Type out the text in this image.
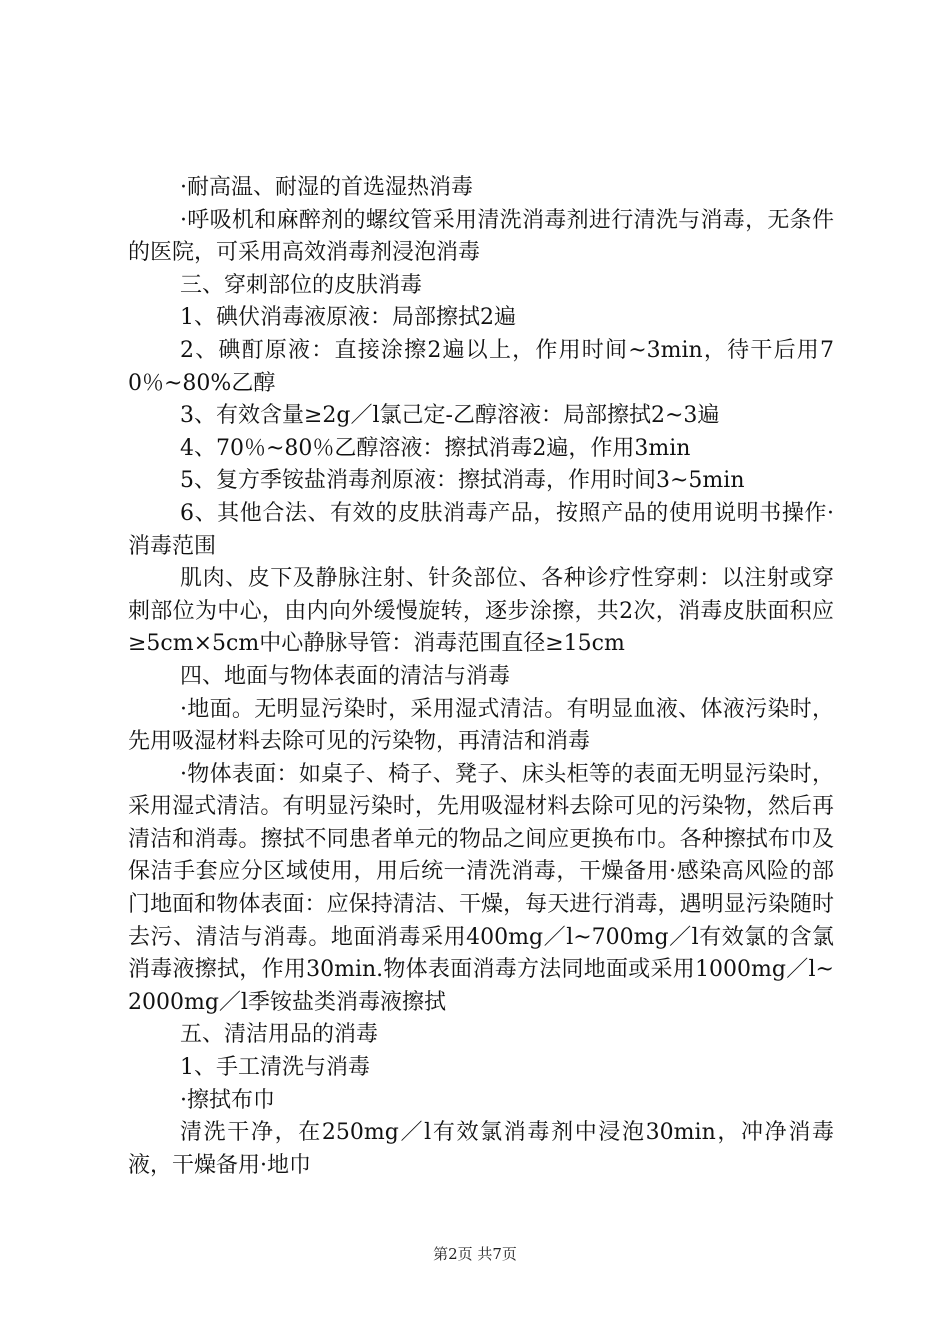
·耐高温、耐湿的首选湿热消毒

·呼吸机和麻醉剂的螺纹管采用清洗消毒剂进行清洗与消毒，无条件的医院，可采用高效消毒剂浸泡消毒

三、穿刺部位的皮肤消毒

1、碘伏消毒液原液：局部擦拭2遍

2、碘酊原液：直接涂擦2遍以上，作用时间~3min，待干后用70％~80%乙醇

3、有效含量≥2g／l氯己定-乙醇溶液：局部擦拭2~3遍

4、70％~80％乙醇溶液：擦拭消毒2遍，作用3min

5、复方季铵盐消毒剂原液：擦拭消毒，作用时间3~5min

6、其他合法、有效的皮肤消毒产品，按照产品的使用说明书操作·消毒范围

肌肉、皮下及静脉注射、针灸部位、各种诊疗性穿刺：以注射或穿刺部位为中心，由内向外缓慢旋转，逐步涂擦，共2次，消毒皮肤面积应≥5cm×5cm中心静脉导管：消毒范围直径≥15cm

四、地面与物体表面的清洁与消毒

·地面。无明显污染时，采用湿式清洁。有明显血液、体液污染时，先用吸湿材料去除可见的污染物，再清洁和消毒

·物体表面：如桌子、椅子、凳子、床头柜等的表面无明显污染时，采用湿式清洁。有明显污染时，先用吸湿材料去除可见的污染物，然后再清洁和消毒。擦拭不同患者单元的物品之间应更换布巾。各种擦拭布巾及保洁手套应分区域使用，用后统一清洗消毒，干燥备用·感染高风险的部门地面和物体表面：应保持清洁、干燥，每天进行消毒，遇明显污染随时去污、清洁与消毒。地面消毒采用400mg／l~700mg／l有效氯的含氯消毒液擦拭，作用30min.物体表面消毒方法同地面或采用1000mg／l~2000mg／l季铵盐类消毒液擦拭

五、清洁用品的消毒

1、手工清洗与消毒

·擦拭布巾

清洗干净，在250mg／l有效氯消毒剂中浸泡30min，冲净消毒液，干燥备用·地巾

第2页 共7页
